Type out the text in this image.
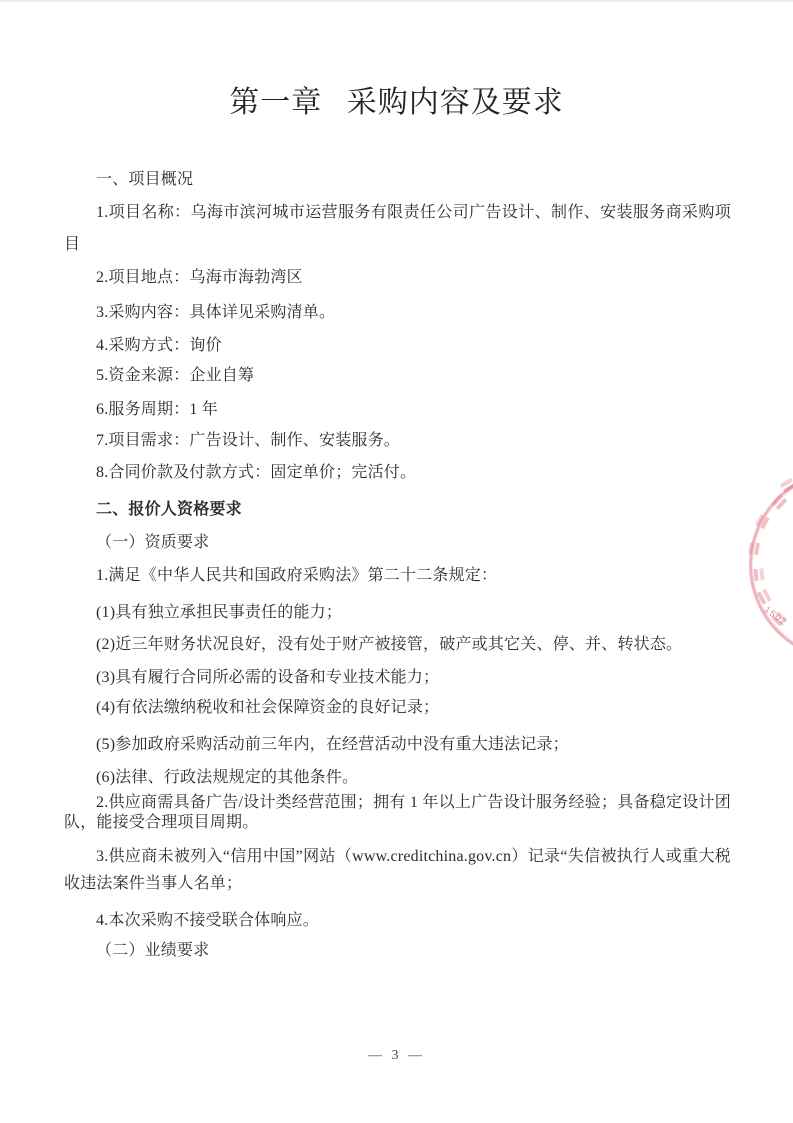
第一章  采购内容及要求

一、项目概况

1.项目名称：乌海市滨河城市运营服务有限责任公司广告设计、制作、安装服务商采购项目

2.项目地点：乌海市海勃湾区

3.采购内容：具体详见采购清单。

4.采购方式：询价

5.资金来源：企业自筹

6.服务周期：1 年

7.项目需求：广告设计、制作、安装服务。

8.合同价款及付款方式：固定单价；完活付。

二、报价人资格要求

（一）资质要求

1.满足《中华人民共和国政府采购法》第二十二条规定：

(1)具有独立承担民事责任的能力；

(2)近三年财务状况良好，没有处于财产被接管，破产或其它关、停、并、转状态。

(3)具有履行合同所必需的设备和专业技术能力；

(4)有依法缴纳税收和社会保障资金的良好记录；

(5)参加政府采购活动前三年内，在经营活动中没有重大违法记录；

(6)法律、行政法规规定的其他条件。

2.供应商需具备广告/设计类经营范围；拥有 1 年以上广告设计服务经验；具备稳定设计团队，能接受合理项目周期。

3.供应商未被列入“信用中国”网站（www.creditchina.gov.cn）记录“失信被执行人或重大税收违法案件当事人名单；

4.本次采购不接受联合体响应。

（二）业绩要求

1502

— 3 —
